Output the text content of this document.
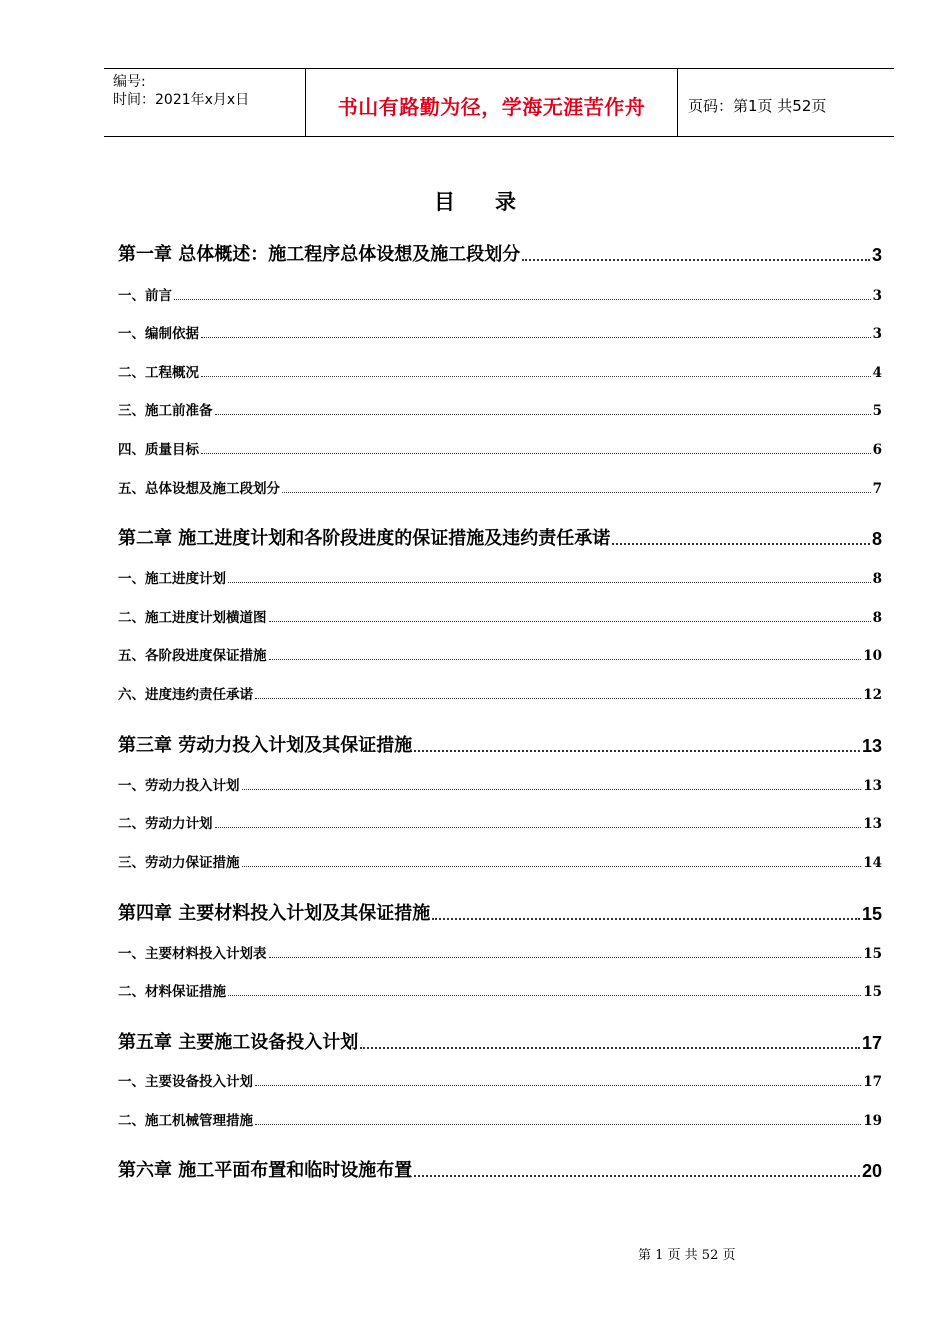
编号:
时间：2021年x月x日	书山有路勤为径，学海无涯苦作舟	页码：第1页 共52页
目录
第一章 总体概述：施工程序总体设想及施工段划分	3
一、前言	3
一、编制依据	3
二、工程概况	4
三、施工前准备	5
四、质量目标	6
五、总体设想及施工段划分	7
第二章 施工进度计划和各阶段进度的保证措施及违约责任承诺	8
一、施工进度计划	8
二、施工进度计划横道图	8
五、各阶段进度保证措施	10
六、进度违约责任承诺	12
第三章 劳动力投入计划及其保证措施	13
一、劳动力投入计划	13
二、劳动力计划	13
三、劳动力保证措施	14
第四章 主要材料投入计划及其保证措施	15
一、主要材料投入计划表	15
二、材料保证措施	15
第五章 主要施工设备投入计划	17
一、主要设备投入计划	17
二、施工机械管理措施	19
第六章 施工平面布置和临时设施布置	20
第 1 页 共 52 页
